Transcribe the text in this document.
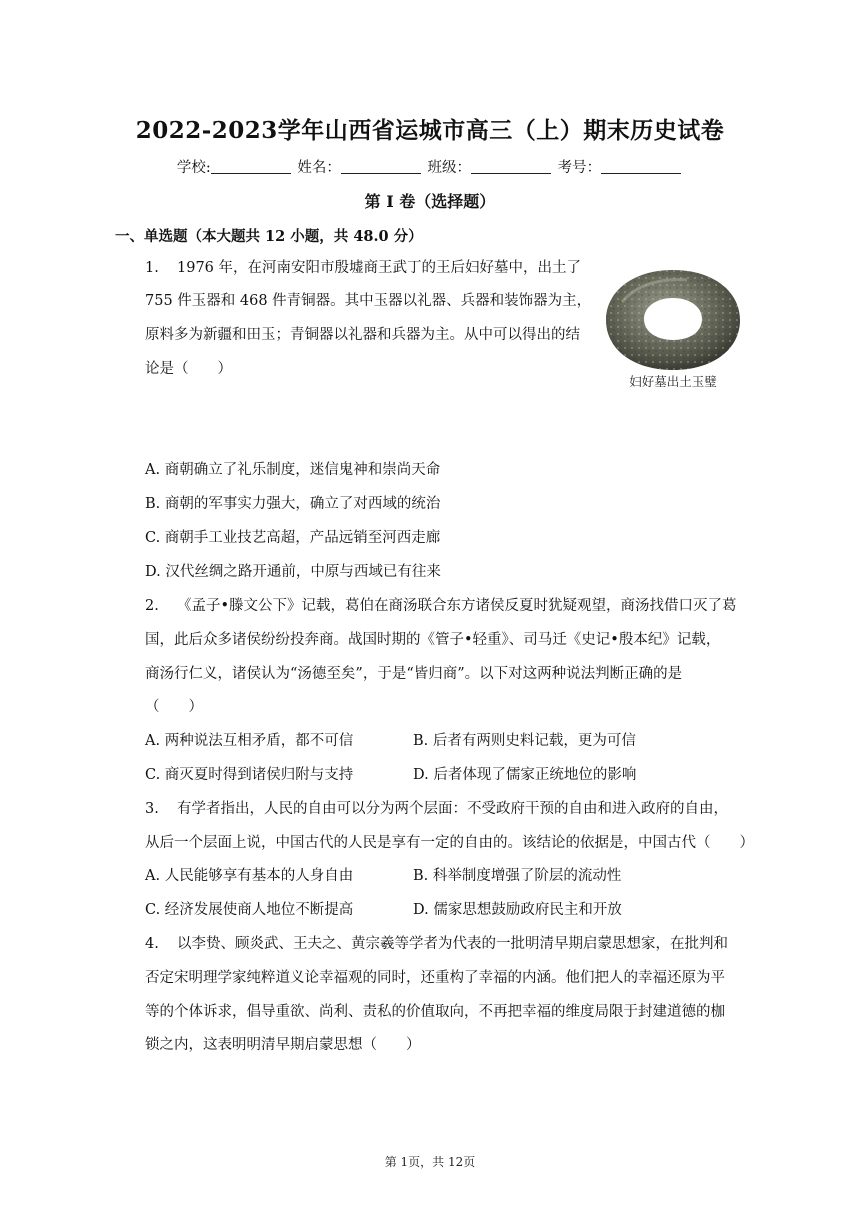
2022-2023学年山西省运城市高三（上）期末历史试卷
学校:	姓名：	班级：	考号：
第 I 卷（选择题）
一、单选题（本大题共 12 小题，共 48.0 分）
1. 1976 年，在河南安阳市殷墟商王武丁的王后妇好墓中，出土了
755 件玉器和 468 件青铜器。其中玉器以礼器、兵器和装饰器为主，
原料多为新疆和田玉；青铜器以礼器和兵器为主。从中可以得出的结
论是（　　）
妇好墓出土玉璧
A. 商朝确立了礼乐制度，迷信鬼神和崇尚天命
B. 商朝的军事实力强大，确立了对西域的统治
C. 商朝手工业技艺高超，产品远销至河西走廊
D. 汉代丝绸之路开通前，中原与西域已有往来
2. 《孟子•滕文公下》记载，葛伯在商汤联合东方诸侯反夏时犹疑观望，商汤找借口灭了葛
国，此后众多诸侯纷纷投奔商。战国时期的《管子•轻重》、司马迁《史记•殷本纪》记载，
商汤行仁义，诸侯认为“汤德至矣”，于是“皆归商”。以下对这两种说法判断正确的是
（　　）
A. 两种说法互相矛盾，都不可信	B. 后者有两则史料记载，更为可信
C. 商灭夏时得到诸侯归附与支持	D. 后者体现了儒家正统地位的影响
3. 有学者指出，人民的自由可以分为两个层面：不受政府干预的自由和进入政府的自由，
从后一个层面上说，中国古代的人民是享有一定的自由的。该结论的依据是，中国古代（　　）
A. 人民能够享有基本的人身自由	B. 科举制度增强了阶层的流动性
C. 经济发展使商人地位不断提高	D. 儒家思想鼓励政府民主和开放
4. 以李贽、顾炎武、王夫之、黄宗羲等学者为代表的一批明清早期启蒙思想家，在批判和
否定宋明理学家纯粹道义论幸福观的同时，还重构了幸福的内涵。他们把人的幸福还原为平
等的个体诉求，倡导重欲、尚利、责私的价值取向，不再把幸福的维度局限于封建道德的枷
锁之内，这表明明清早期启蒙思想（　　）
第 1页，共 12页
